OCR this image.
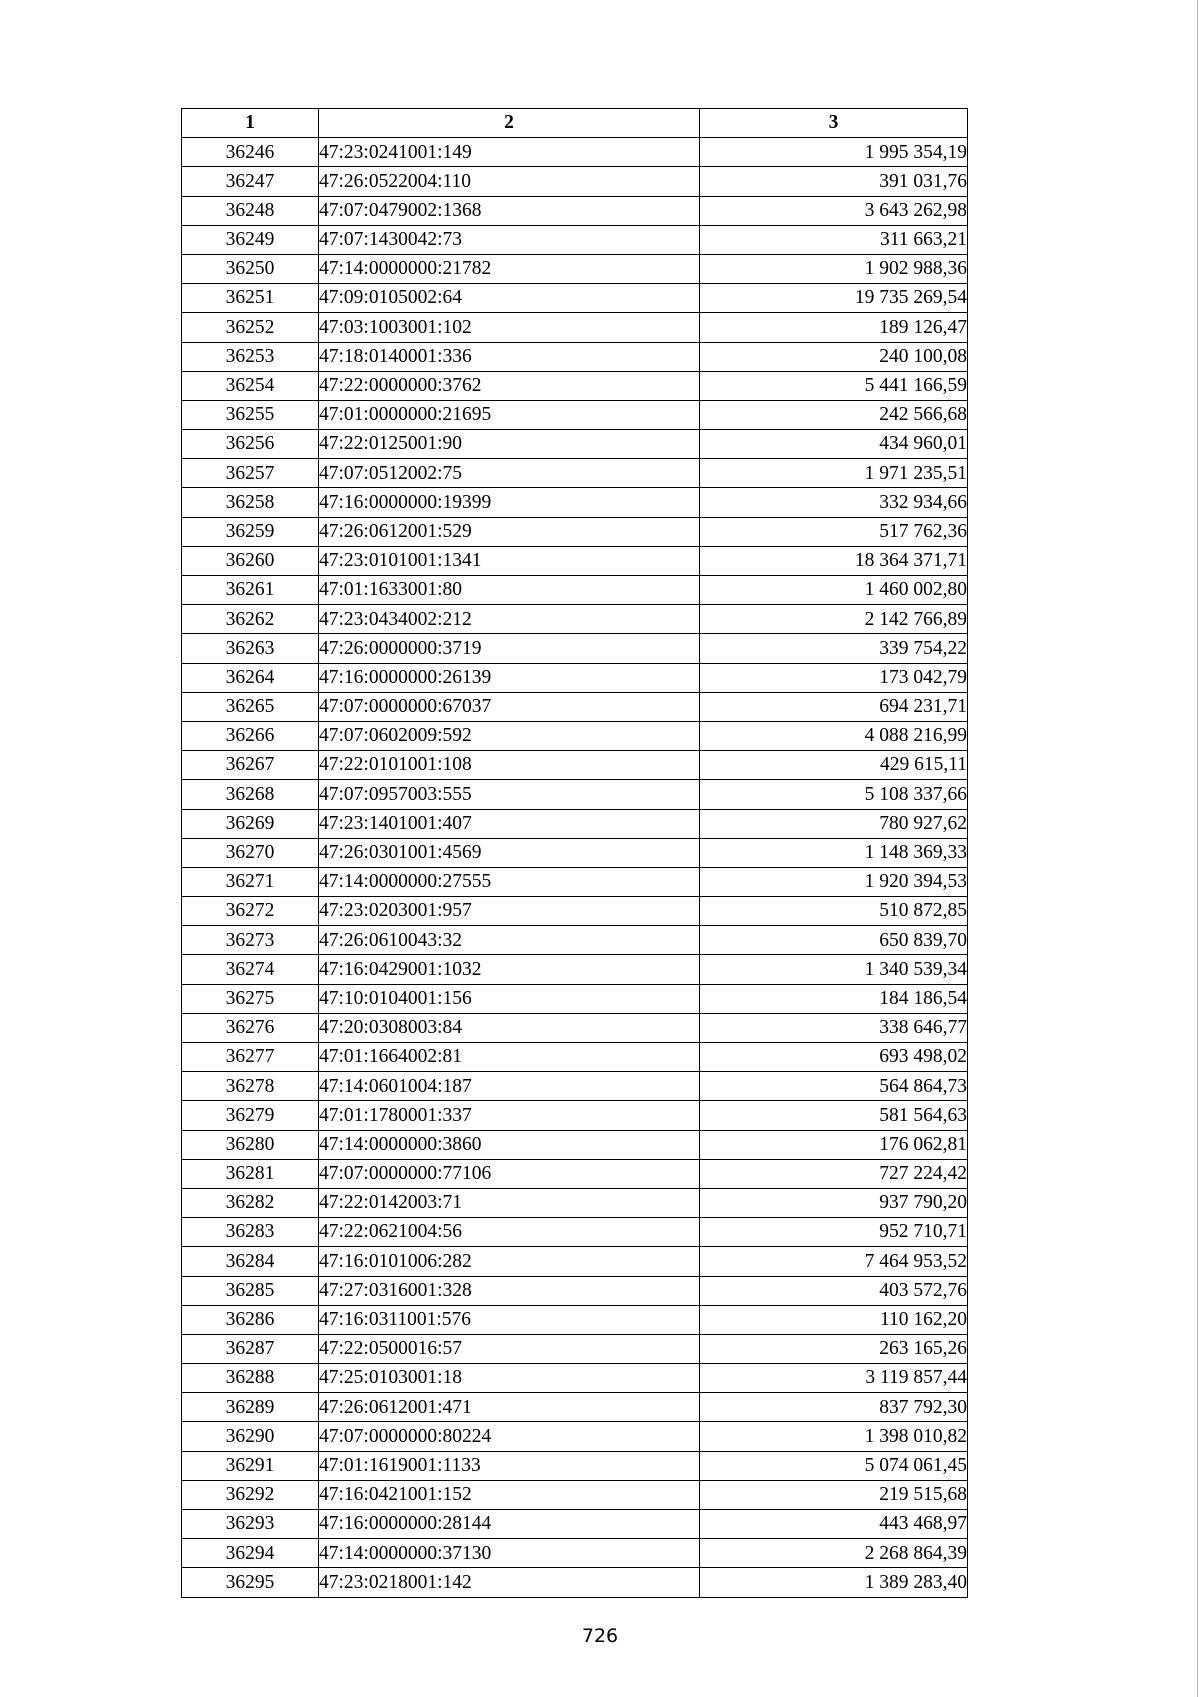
1	2	3
36246	47:23:0241001:149	1 995 354,19
36247	47:26:0522004:110	391 031,76
36248	47:07:0479002:1368	3 643 262,98
36249	47:07:1430042:73	311 663,21
36250	47:14:0000000:21782	1 902 988,36
36251	47:09:0105002:64	19 735 269,54
36252	47:03:1003001:102	189 126,47
36253	47:18:0140001:336	240 100,08
36254	47:22:0000000:3762	5 441 166,59
36255	47:01:0000000:21695	242 566,68
36256	47:22:0125001:90	434 960,01
36257	47:07:0512002:75	1 971 235,51
36258	47:16:0000000:19399	332 934,66
36259	47:26:0612001:529	517 762,36
36260	47:23:0101001:1341	18 364 371,71
36261	47:01:1633001:80	1 460 002,80
36262	47:23:0434002:212	2 142 766,89
36263	47:26:0000000:3719	339 754,22
36264	47:16:0000000:26139	173 042,79
36265	47:07:0000000:67037	694 231,71
36266	47:07:0602009:592	4 088 216,99
36267	47:22:0101001:108	429 615,11
36268	47:07:0957003:555	5 108 337,66
36269	47:23:1401001:407	780 927,62
36270	47:26:0301001:4569	1 148 369,33
36271	47:14:0000000:27555	1 920 394,53
36272	47:23:0203001:957	510 872,85
36273	47:26:0610043:32	650 839,70
36274	47:16:0429001:1032	1 340 539,34
36275	47:10:0104001:156	184 186,54
36276	47:20:0308003:84	338 646,77
36277	47:01:1664002:81	693 498,02
36278	47:14:0601004:187	564 864,73
36279	47:01:1780001:337	581 564,63
36280	47:14:0000000:3860	176 062,81
36281	47:07:0000000:77106	727 224,42
36282	47:22:0142003:71	937 790,20
36283	47:22:0621004:56	952 710,71
36284	47:16:0101006:282	7 464 953,52
36285	47:27:0316001:328	403 572,76
36286	47:16:0311001:576	110 162,20
36287	47:22:0500016:57	263 165,26
36288	47:25:0103001:18	3 119 857,44
36289	47:26:0612001:471	837 792,30
36290	47:07:0000000:80224	1 398 010,82
36291	47:01:1619001:1133	5 074 061,45
36292	47:16:0421001:152	219 515,68
36293	47:16:0000000:28144	443 468,97
36294	47:14:0000000:37130	2 268 864,39
36295	47:23:0218001:142	1 389 283,40
726
